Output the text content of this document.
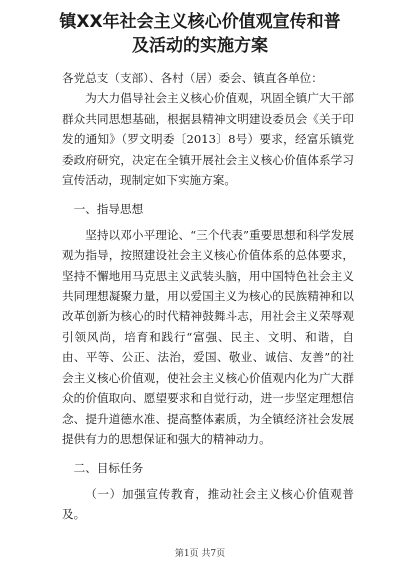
镇XX年社会主义核心价值观宣传和普及活动的实施方案

各党总支（支部）、各村（居）委会、镇直各单位：

为大力倡导社会主义核心价值观，巩固全镇广大干部群众共同思想基础，根据县精神文明建设委员会《关于印发的通知》（罗文明委〔2013〕8号）要求，经富乐镇党委政府研究，决定在全镇开展社会主义核心价值体系学习宣传活动，现制定如下实施方案。

一、指导思想

坚持以邓小平理论、“三个代表”重要思想和科学发展观为指导，按照建设社会主义核心价值体系的总体要求，坚持不懈地用马克思主义武装头脑，用中国特色社会主义共同理想凝聚力量，用以爱国主义为核心的民族精神和以改革创新为核心的时代精神鼓舞斗志，用社会主义荣辱观引领风尚，培育和践行“富强、民主、文明、和谐，自由、平等、公正、法治，爱国、敬业、诚信、友善”的社会主义核心价值观，使社会主义核心价值观内化为广大群众的价值取向、愿望要求和自觉行动，进一步坚定理想信念、提升道德水准、提高整体素质，为全镇经济社会发展提供有力的思想保证和强大的精神动力。

二、目标任务

（一）加强宣传教育，推动社会主义核心价值观普及。

第1页 共7页
